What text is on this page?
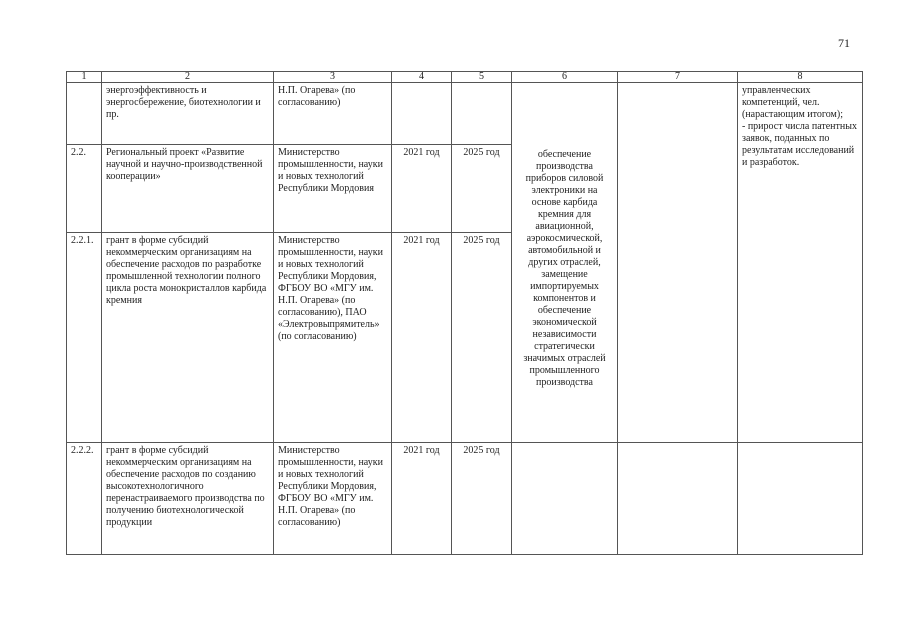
71
1	2	3	4	5	6	7	8
	энергоэффективность и энергосбережение, биотехнологии и пр.	Н.П. Огарева» (по согласованию)					управленческих компетенций, чел. (нарастающим итогом);
- прирост числа патентных заявок, поданных по результатам исследований и разработок.
2.2.	Региональный проект «Развитие научной и научно-производственной кооперации»	Министерство промышленности, науки и новых технологий Республики Мордовия	2021 год	2025 год	обеспечение производства приборов силовой электроники на основе карбида кремния для авиационной, аэрокосмической, автомобильной и других отраслей, замещение импортируемых компонентов и обеспечение экономической независимости стратегически значимых отраслей промышленного производства		
2.2.1.	грант в форме субсидий некоммерческим организациям на обеспечение расходов по разработке промышленной технологии полного цикла роста монокристаллов карбида кремния	Министерство промышленности, науки и новых технологий Республики Мордовия, ФГБОУ ВО «МГУ им. Н.П. Огарева» (по согласованию), ПАО «Электровыпрямитель» (по согласованию)	2021 год	2025 год			
2.2.2.	грант в форме субсидий некоммерческим организациям на обеспечение расходов по созданию высокотехнологичного перенастраиваемого производства по получению биотехнологической продукции	Министерство промышленности, науки и новых технологий Республики Мордовия, ФГБОУ ВО «МГУ им. Н.П. Огарева» (по согласованию)	2021 год	2025 год			
